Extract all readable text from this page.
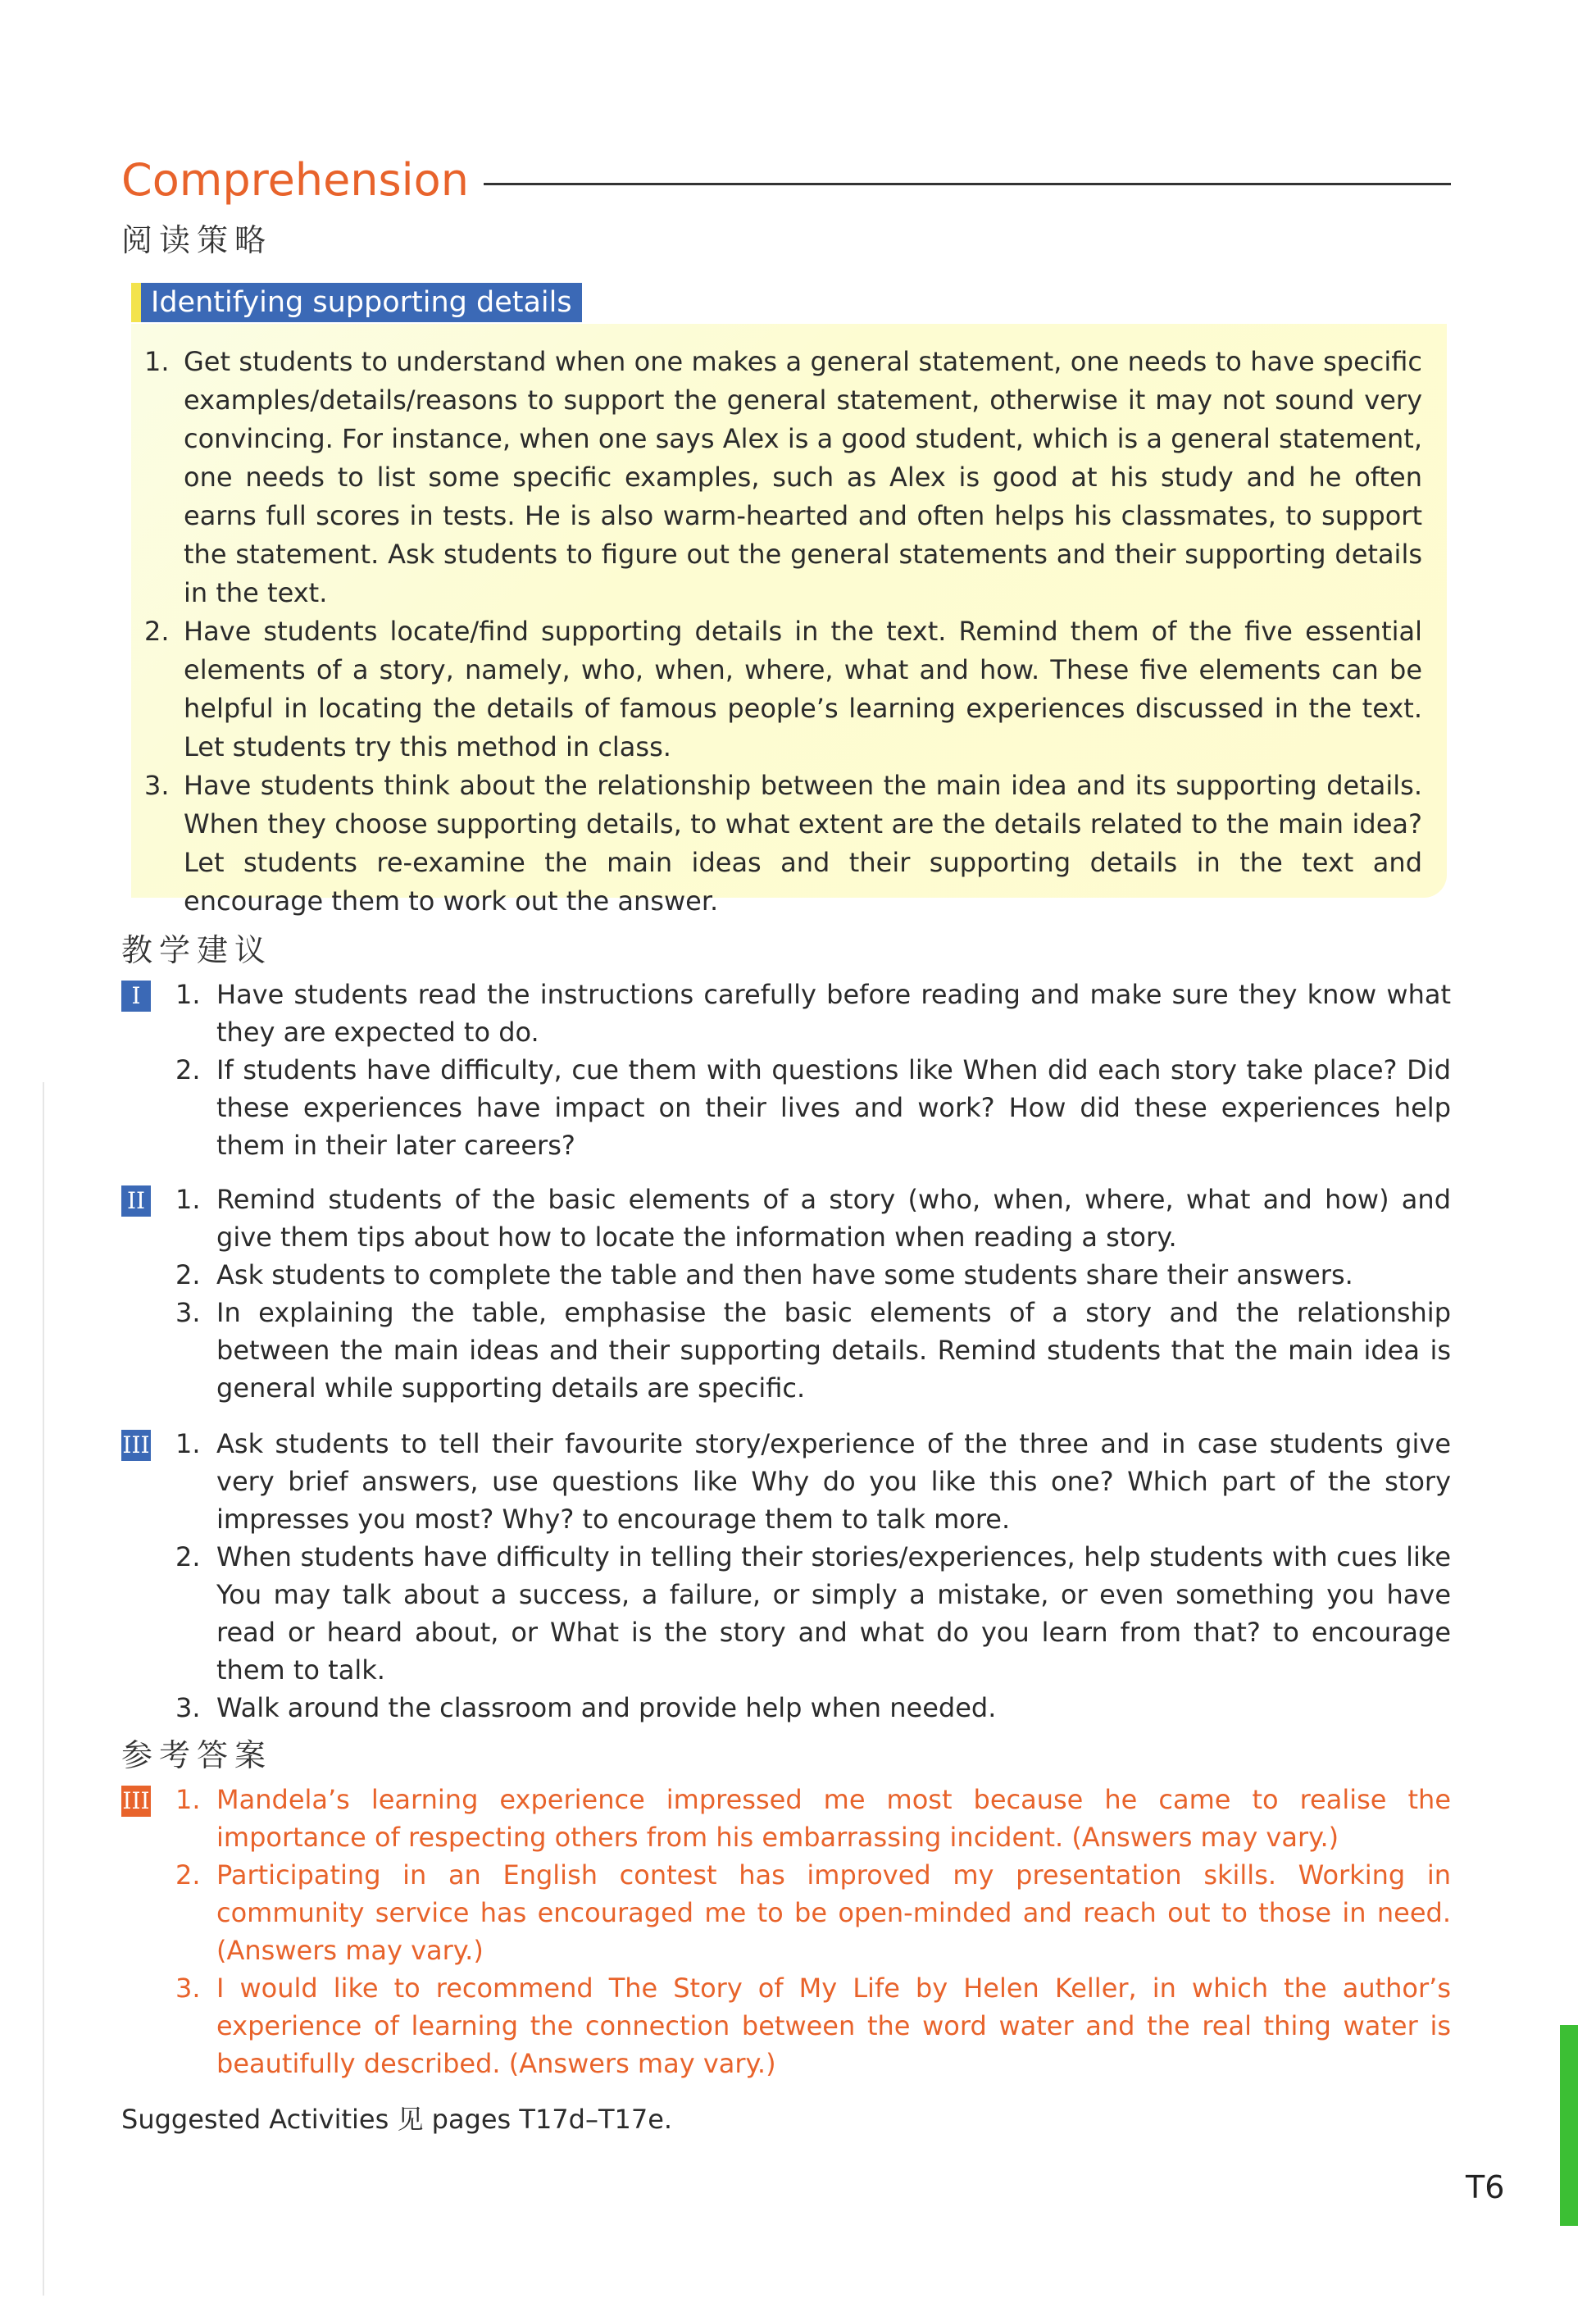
Comprehension
阅读策略
Identifying supporting details
1. Get students to understand when one makes a general statement, one needs to have specific examples/details/reasons to support the general statement, otherwise it may not sound very convincing. For instance, when one says Alex is a good student, which is a general statement, one needs to list some specific examples, such as Alex is good at his study and he often earns full scores in tests. He is also warm-hearted and often helps his classmates, to support the statement. Ask students to figure out the general statements and their supporting details in the text.
2. Have students locate/find supporting details in the text. Remind them of the five essential elements of a story, namely, who, when, where, what and how. These five elements can be helpful in locating the details of famous people’s learning experiences discussed in the text. Let students try this method in class.
3. Have students think about the relationship between the main idea and its supporting details. When they choose supporting details, to what extent are the details related to the main idea? Let students re-examine the main ideas and their supporting details in the text and encourage them to work out the answer.
教学建议
I	1. Have students read the instructions carefully before reading and make sure they know what they are expected to do.
2. If students have difficulty, cue them with questions like When did each story take place? Did these experiences have impact on their lives and work? How did these experiences help them in their later careers?
II 1. Remind students of the basic elements of a story (who, when, where, what and how) and give them tips about how to locate the information when reading a story.
2. Ask students to complete the table and then have some students share their answers.
3. In explaining the table, emphasise the basic elements of a story and the relationship between the main ideas and their supporting details. Remind students that the main idea is general while supporting details are specific.
III 1. Ask students to tell their favourite story/experience of the three and in case students give very brief answers, use questions like Why do you like this one? Which part of the story impresses you most? Why? to encourage them to talk more.
2. When students have difficulty in telling their stories/experiences, help students with cues like You may talk about a success, a failure, or simply a mistake, or even something you have read or heard about, or What is the story and what do you learn from that? to encourage them to talk.
3. Walk around the classroom and provide help when needed.
参考答案
III 1. Mandela’s learning experience impressed me most because he came to realise the importance of respecting others from his embarrassing incident. (Answers may vary.)
2. Participating in an English contest has improved my presentation skills. Working in community service has encouraged me to be open-minded and reach out to those in need. (Answers may vary.)
3. I would like to recommend The Story of My Life by Helen Keller, in which the author’s experience of learning the connection between the word water and the real thing water is beautifully described. (Answers may vary.)
Suggested Activities 见 pages T17d–T17e.
T6
